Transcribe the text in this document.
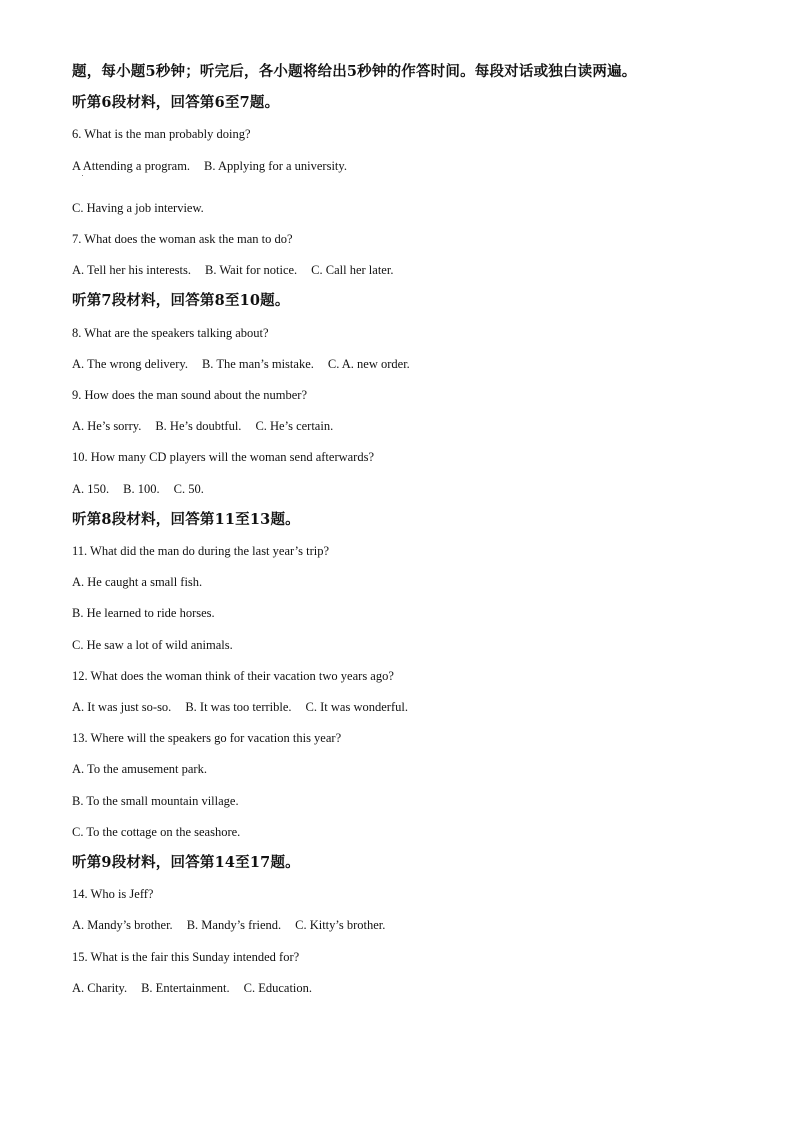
题，每小题5秒钟；听完后，各小题将给出5秒钟的作答时间。每段对话或独白读两遍。
听第6段材料，回答第6至7题。
6. What is the man probably doing?
A Attending a program. B. Applying for a university.
C. Having a job interview.
7. What does the woman ask the man to do?
A. Tell her his interests. B. Wait for notice. C. Call her later.
听第7段材料，回答第8至10题。
8. What are the speakers talking about?
A. The wrong delivery. B. The man’s mistake. C. A. new order.
9. How does the man sound about the number?
A. He’s sorry. B. He’s doubtful. C. He’s certain.
10. How many CD players will the woman send afterwards?
A. 150. B. 100. C. 50.
听第8段材料，回答第11至13题。
11. What did the man do during the last year’s trip?
A. He caught a small fish.
B. He learned to ride horses.
C. He saw a lot of wild animals.
12. What does the woman think of their vacation two years ago?
A. It was just so-so. B. It was too terrible. C. It was wonderful.
13. Where will the speakers go for vacation this year?
A. To the amusement park.
B. To the small mountain village.
C. To the cottage on the seashore.
听第9段材料，回答第14至17题。
14. Who is Jeff?
A. Mandy’s brother. B. Mandy’s friend. C. Kitty’s brother.
15. What is the fair this Sunday intended for?
A. Charity. B. Entertainment. C. Education.
